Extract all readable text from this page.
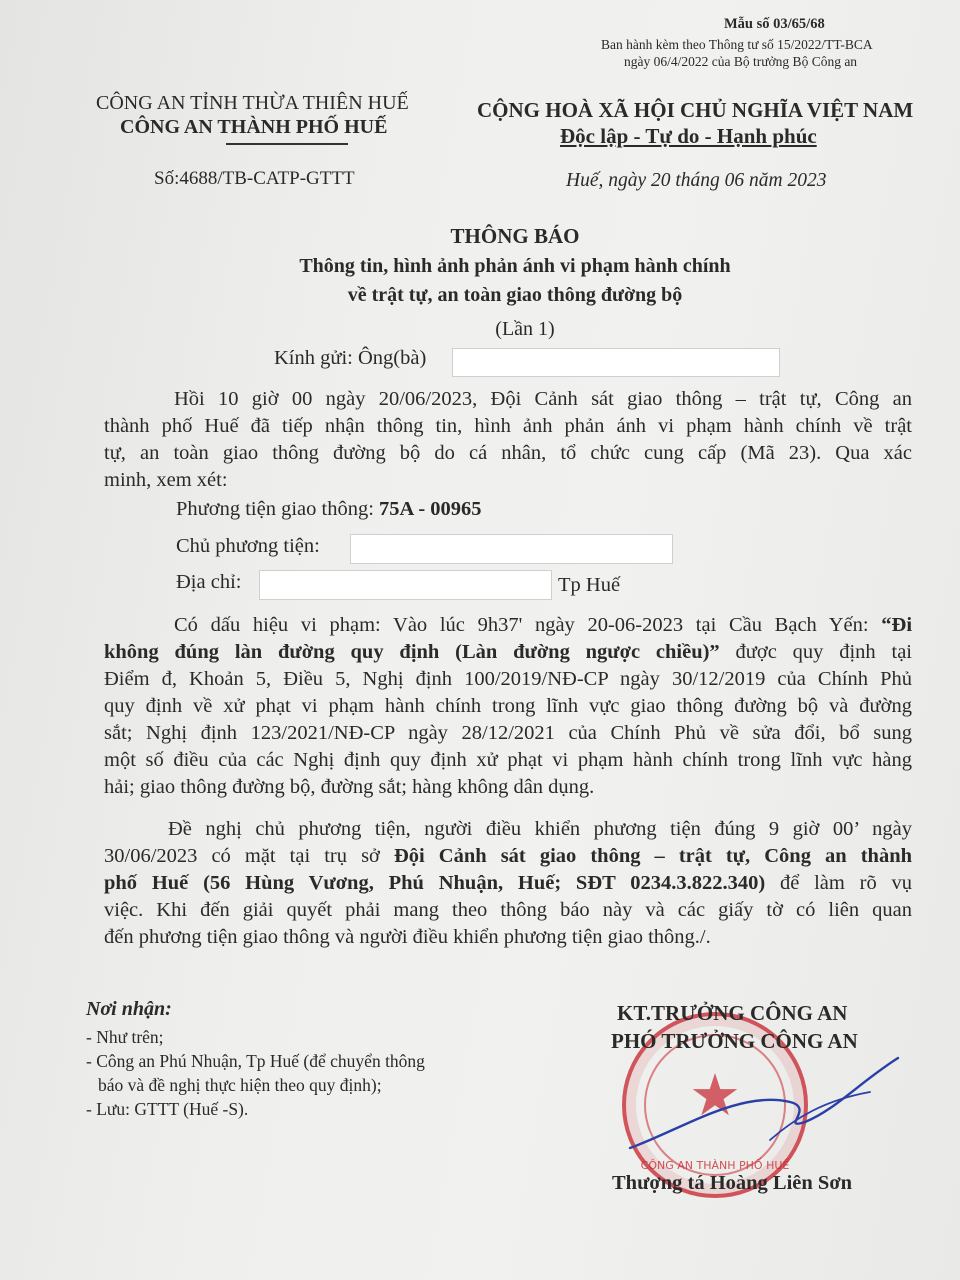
Mẫu số 03/65/68
Ban hành kèm theo Thông tư số 15/2022/TT-BCA
ngày 06/4/2022 của Bộ trưởng Bộ Công an
CÔNG AN TỈNH THỪA THIÊN HUẾ
CÔNG AN THÀNH PHỐ HUẾ
Số:4688/TB-CATP-GTTT
CỘNG HOÀ XÃ HỘI CHỦ NGHĨA VIỆT NAM
Độc lập - Tự do - Hạnh phúc
Huế, ngày 20 tháng 06 năm 2023
THÔNG BÁO
Thông tin, hình ảnh phản ánh vi phạm hành chính
về trật tự, an toàn giao thông đường bộ
(Lần 1)
Kính gửi: Ông(bà)
Hồi 10 giờ 00 ngày 20/06/2023, Đội Cảnh sát giao thông – trật tự, Công an
thành phố Huế đã tiếp nhận thông tin, hình ảnh phản ánh vi phạm hành chính về trật
tự, an toàn giao thông đường bộ do cá nhân, tổ chức cung cấp (Mã 23). Qua xác
minh, xem xét:
Phương tiện giao thông: 75A - 00965
Chủ phương tiện:
Địa chỉ:	Tp Huế
Có dấu hiệu vi phạm: Vào lúc 9h37' ngày 20-06-2023 tại Cầu Bạch Yến: “Đi
không đúng làn đường quy định (Làn đường ngược chiều)” được quy định tại
Điểm đ, Khoản 5, Điều 5, Nghị định 100/2019/NĐ-CP ngày 30/12/2019 của Chính Phủ
quy định về xử phạt vi phạm hành chính trong lĩnh vực giao thông đường bộ và đường
sắt; Nghị định 123/2021/NĐ-CP ngày 28/12/2021 của Chính Phủ về sửa đổi, bổ sung
một số điều của các Nghị định quy định xử phạt vi phạm hành chính trong lĩnh vực hàng
hải; giao thông đường bộ, đường sắt; hàng không dân dụng.
Đề nghị chủ phương tiện, người điều khiển phương tiện đúng 9 giờ 00’ ngày
30/06/2023 có mặt tại trụ sở Đội Cảnh sát giao thông – trật tự, Công an thành
phố Huế (56 Hùng Vương, Phú Nhuận, Huế; SĐT 0234.3.822.340) để làm rõ vụ
việc. Khi đến giải quyết phải mang theo thông báo này và các giấy tờ có liên quan
đến phương tiện giao thông và người điều khiển phương tiện giao thông./.
Nơi nhận:
- Như trên;
- Công an Phú Nhuận, Tp Huế (để chuyển thông
báo và đề nghị thực hiện theo quy định);
- Lưu: GTTT (Huế -S).	★
CÔNG AN THÀNH PHỐ HUẾ
KT.TRƯỞNG CÔNG AN
PHÓ TRƯỞNG CÔNG AN
Thượng tá Hoàng Liên Sơn
